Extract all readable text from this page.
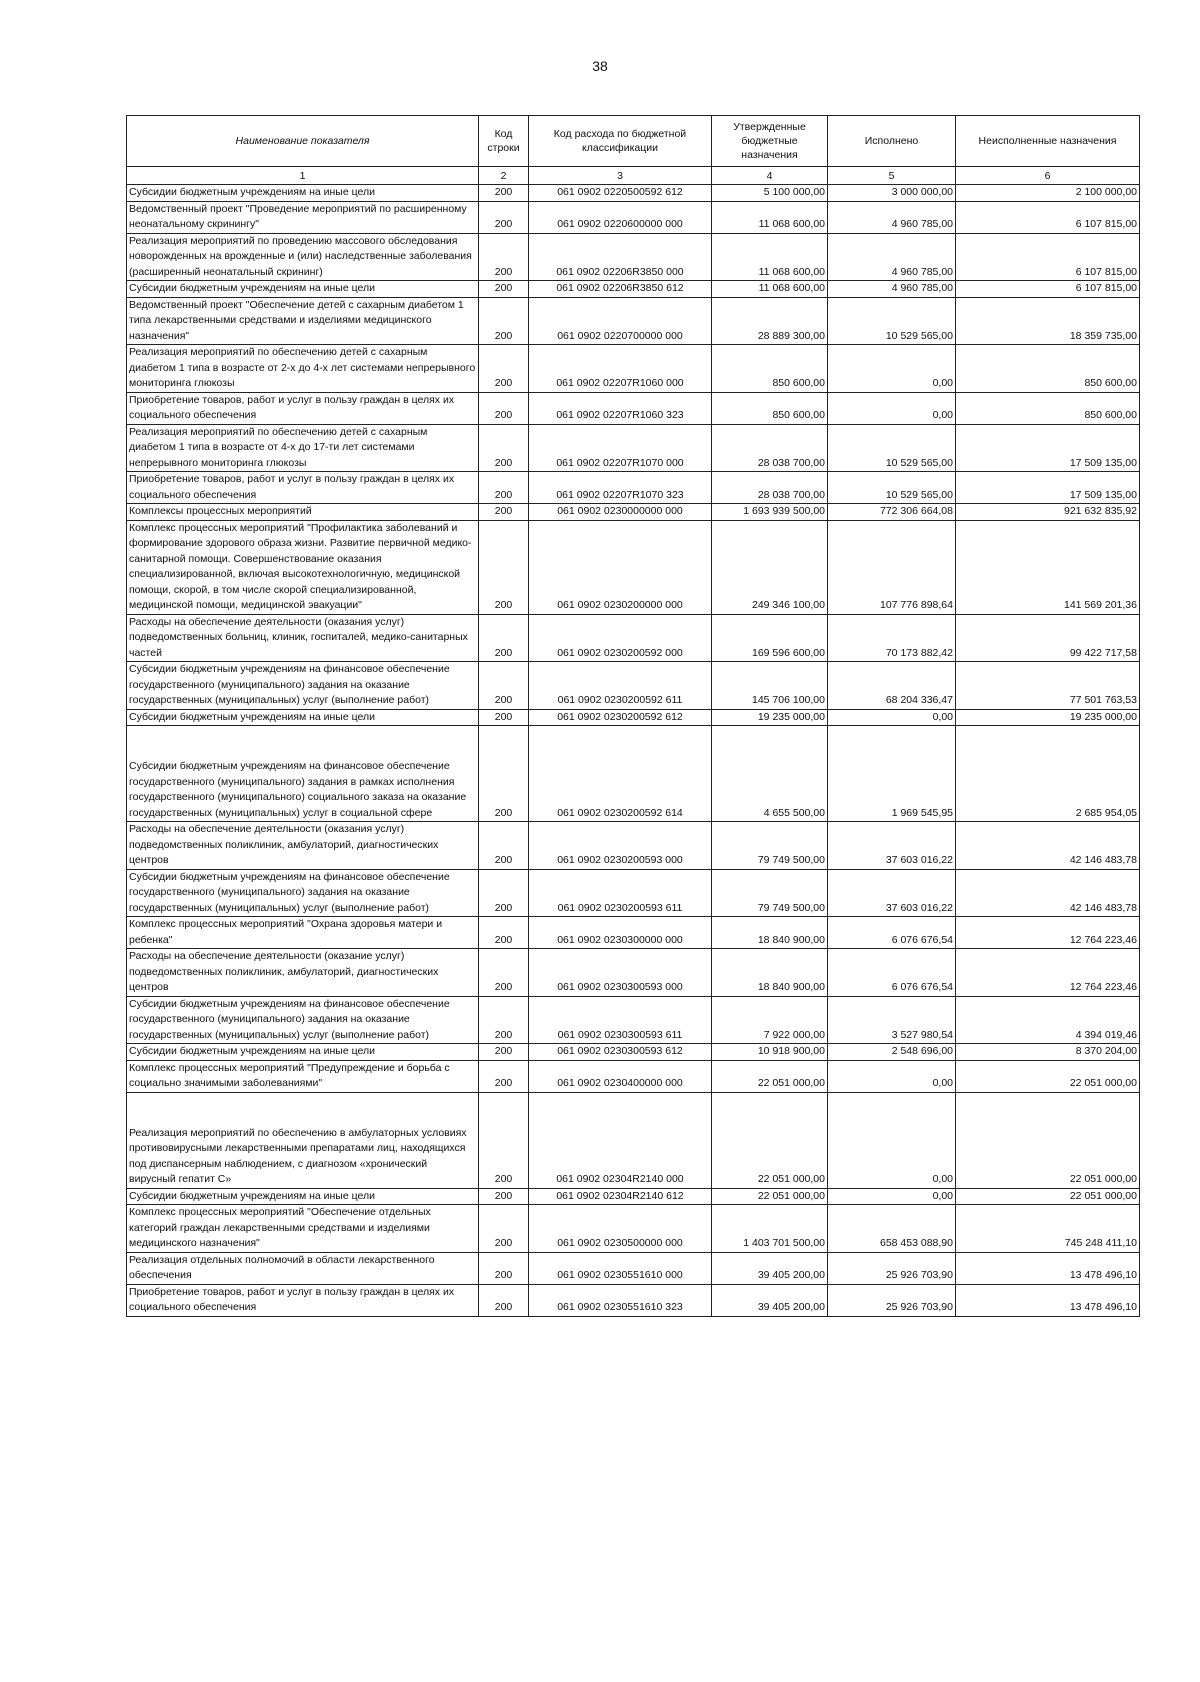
38
Наименование показателя	Код строки	Код расхода по бюджетной классификации	Утвержденные бюджетные назначения	Исполнено	Неисполненные назначения
1	2	3	4	5	6
Субсидии бюджетным учреждениям на иные цели	200	061 0902 0220500592 612	5 100 000,00	3 000 000,00	2 100 000,00
Ведомственный проект "Проведение мероприятий по расширенному неонатальному скринингу"	200	061 0902 0220600000 000	11 068 600,00	4 960 785,00	6 107 815,00
Реализация мероприятий по проведению массового обследования новорожденных на врожденные и (или) наследственные заболевания (расширенный неонатальный скрининг)	200	061 0902 02206R3850 000	11 068 600,00	4 960 785,00	6 107 815,00
Субсидии бюджетным учреждениям на иные цели	200	061 0902 02206R3850 612	11 068 600,00	4 960 785,00	6 107 815,00
Ведомственный проект "Обеспечение детей с сахарным диабетом 1 типа лекарственными средствами и изделиями медицинского назначения"	200	061 0902 0220700000 000	28 889 300,00	10 529 565,00	18 359 735,00
Реализация мероприятий по обеспечению детей с сахарным диабетом 1 типа в возрасте от 2-х до 4-х лет системами непрерывного мониторинга глюкозы	200	061 0902 02207R1060 000	850 600,00	0,00	850 600,00
Приобретение товаров, работ и услуг в пользу граждан в целях их социального обеспечения	200	061 0902 02207R1060 323	850 600,00	0,00	850 600,00
Реализация мероприятий по обеспечению детей с сахарным диабетом 1 типа в возрасте от 4-х до 17-ти лет системами непрерывного мониторинга глюкозы	200	061 0902 02207R1070 000	28 038 700,00	10 529 565,00	17 509 135,00
Приобретение товаров, работ и услуг в пользу граждан в целях их социального обеспечения	200	061 0902 02207R1070 323	28 038 700,00	10 529 565,00	17 509 135,00
Комплексы процессных мероприятий	200	061 0902 0230000000 000	1 693 939 500,00	772 306 664,08	921 632 835,92
Комплекс процессных мероприятий "Профилактика заболеваний и формирование здорового образа жизни. Развитие первичной медико-санитарной помощи. Совершенствование оказания специализированной, включая высокотехнологичную, медицинской помощи, скорой, в том числе скорой специализированной, медицинской помощи, медицинской эвакуации"	200	061 0902 0230200000 000	249 346 100,00	107 776 898,64	141 569 201,36
Расходы на обеспечение деятельности (оказания услуг) подведомственных больниц, клиник, госпиталей, медико-санитарных частей	200	061 0902 0230200592 000	169 596 600,00	70 173 882,42	99 422 717,58
Субсидии бюджетным учреждениям на финансовое обеспечение государственного (муниципального) задания на оказание государственных (муниципальных) услуг (выполнение работ)	200	061 0902 0230200592 611	145 706 100,00	68 204 336,47	77 501 763,53
Субсидии бюджетным учреждениям на иные цели	200	061 0902 0230200592 612	19 235 000,00	0,00	19 235 000,00
Субсидии бюджетным учреждениям на финансовое обеспечение государственного (муниципального) задания в рамках исполнения государственного (муниципального) социального заказа на оказание государственных (муниципальных) услуг в социальной сфере	200	061 0902 0230200592 614	4 655 500,00	1 969 545,95	2 685 954,05
Расходы на обеспечение деятельности (оказания услуг) подведомственных поликлиник, амбулаторий, диагностических центров	200	061 0902 0230200593 000	79 749 500,00	37 603 016,22	42 146 483,78
Субсидии бюджетным учреждениям на финансовое обеспечение государственного (муниципального) задания на оказание государственных (муниципальных) услуг (выполнение работ)	200	061 0902 0230200593 611	79 749 500,00	37 603 016,22	42 146 483,78
Комплекс процессных мероприятий "Охрана здоровья матери и ребенка"	200	061 0902 0230300000 000	18 840 900,00	6 076 676,54	12 764 223,46
Расходы на обеспечение деятельности (оказание услуг) подведомственных поликлиник, амбулаторий, диагностических центров	200	061 0902 0230300593 000	18 840 900,00	6 076 676,54	12 764 223,46
Субсидии бюджетным учреждениям на финансовое обеспечение государственного (муниципального) задания на оказание государственных (муниципальных) услуг (выполнение работ)	200	061 0902 0230300593 611	7 922 000,00	3 527 980,54	4 394 019,46
Субсидии бюджетным учреждениям на иные цели	200	061 0902 0230300593 612	10 918 900,00	2 548 696,00	8 370 204,00
Комплекс процессных мероприятий "Предупреждение и борьба с социально значимыми заболеваниями"	200	061 0902 0230400000 000	22 051 000,00	0,00	22 051 000,00
Реализация мероприятий по обеспечению в амбулаторных условиях противовирусными лекарственными препаратами лиц, находящихся под диспансерным наблюдением, с диагнозом «хронический вирусный гепатит С»	200	061 0902 02304R2140 000	22 051 000,00	0,00	22 051 000,00
Субсидии бюджетным учреждениям на иные цели	200	061 0902 02304R2140 612	22 051 000,00	0,00	22 051 000,00
Комплекс процессных мероприятий "Обеспечение отдельных категорий граждан лекарственными средствами и изделиями медицинского назначения"	200	061 0902 0230500000 000	1 403 701 500,00	658 453 088,90	745 248 411,10
Реализация отдельных полномочий в области лекарственного обеспечения	200	061 0902 0230551610 000	39 405 200,00	25 926 703,90	13 478 496,10
Приобретение товаров, работ и услуг в пользу граждан в целях их социального обеспечения	200	061 0902 0230551610 323	39 405 200,00	25 926 703,90	13 478 496,10
